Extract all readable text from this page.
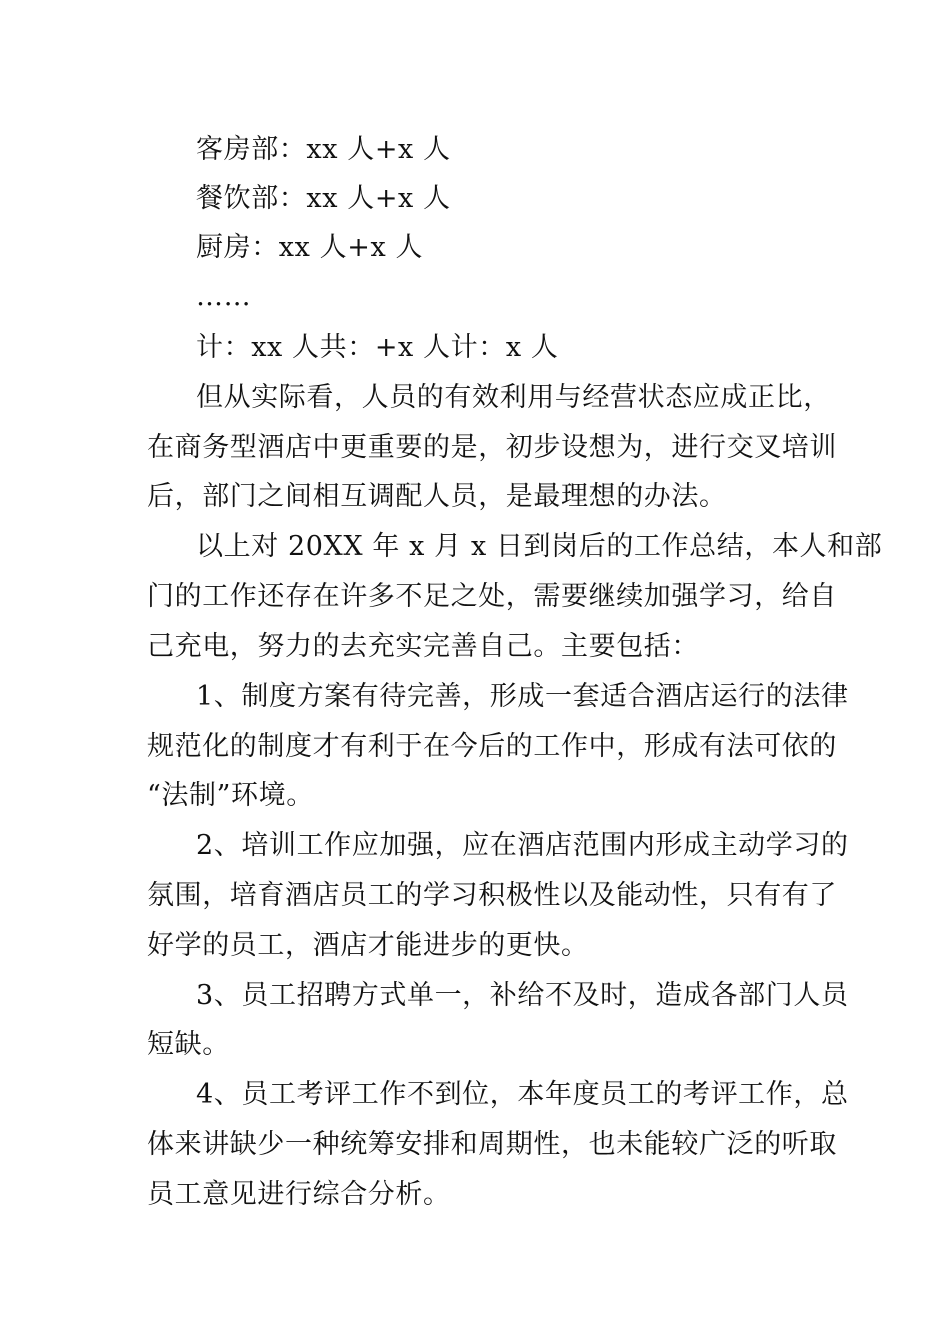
客房部：xx 人+x 人
餐饮部：xx 人+x 人
厨房：xx 人+x 人
……
计：xx 人共：+x 人计：x 人
但从实际看，人员的有效利用与经营状态应成正比，
在商务型酒店中更重要的是，初步设想为，进行交叉培训
后，部门之间相互调配人员，是最理想的办法。
以上对 20XX 年 x 月 x 日到岗后的工作总结，本人和部
门的工作还存在许多不足之处，需要继续加强学习，给自
己充电，努力的去充实完善自己。主要包括：
1、制度方案有待完善，形成一套适合酒店运行的法律
规范化的制度才有利于在今后的工作中，形成有法可依的
“法制”环境。
2、培训工作应加强，应在酒店范围内形成主动学习的
氛围，培育酒店员工的学习积极性以及能动性，只有有了
好学的员工，酒店才能进步的更快。
3、员工招聘方式单一，补给不及时，造成各部门人员
短缺。
4、员工考评工作不到位，本年度员工的考评工作，总
体来讲缺少一种统筹安排和周期性，也未能较广泛的听取
员工意见进行综合分析。
